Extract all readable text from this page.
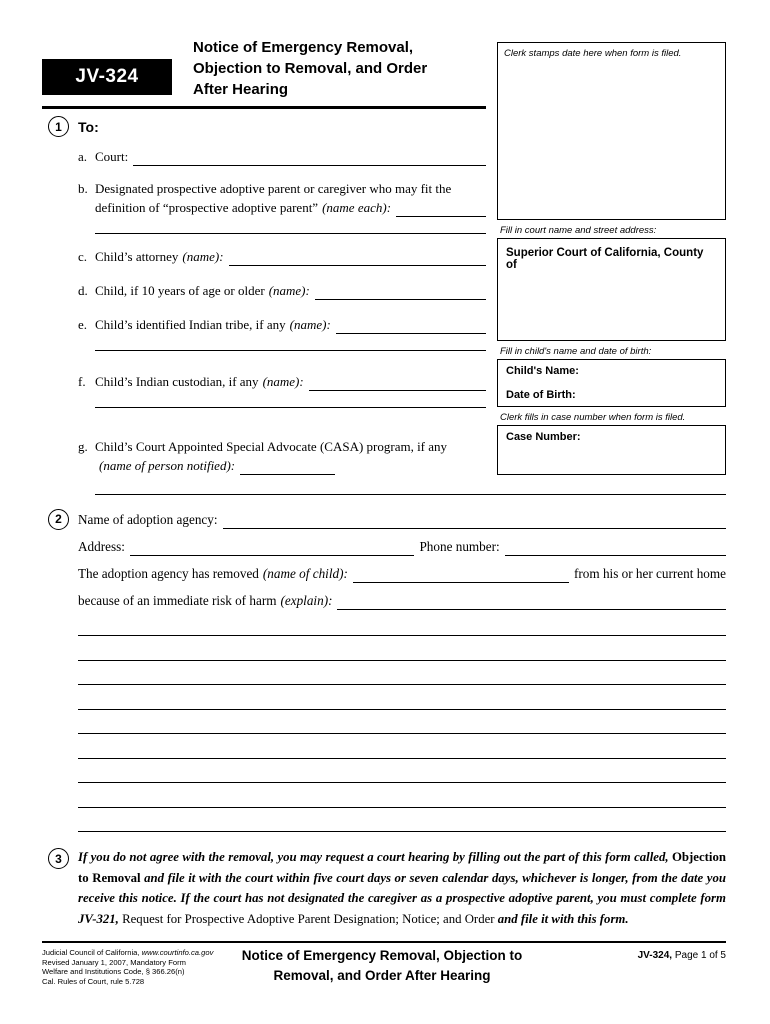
JV-324
Notice of Emergency Removal,
Objection to Removal, and Order
After Hearing
Clerk stamps date here when form is filed.
Fill in court name and street address:
Superior Court of California, County of
Fill in child's name and date of birth:
Child's Name:
Date of Birth:
Clerk fills in case number when form is filed.
Case Number:
1	To:
a. Court:
b. Designated prospective adoptive parent or caregiver who may fit the
definition of “prospective adoptive parent” (name each):
c. Child’s attorney (name):
d. Child, if 10 years of age or older (name):
e. Child’s identified Indian tribe, if any (name):
f. Child’s Indian custodian, if any (name):
g. Child’s Court Appointed Special Advocate (CASA) program, if any
(name of person notified):
2	Name of adoption agency:
Address:	Phone number:
The adoption agency has removed (name of child):	from his or her current home
because of an immediate risk of harm (explain):
3	If you do not agree with the removal, you may request a court hearing by filling out the part of this form called, Objection to Removal and file it with the court within five court days or seven calendar days, whichever is longer, from the date you receive this notice. If the court has not designated the caregiver as a prospective adoptive parent, you must complete form JV-321, Request for Prospective Adoptive Parent Designation; Notice; and Order and file it with this form.

Judicial Council of California, www.courtinfo.ca.gov
Revised January 1, 2007, Mandatory Form
Welfare and Institutions Code, § 366.26(n)
Cal. Rules of Court, rule 5.728
Notice of Emergency Removal, Objection to
Removal, and Order After Hearing
JV-324, Page 1 of 5
